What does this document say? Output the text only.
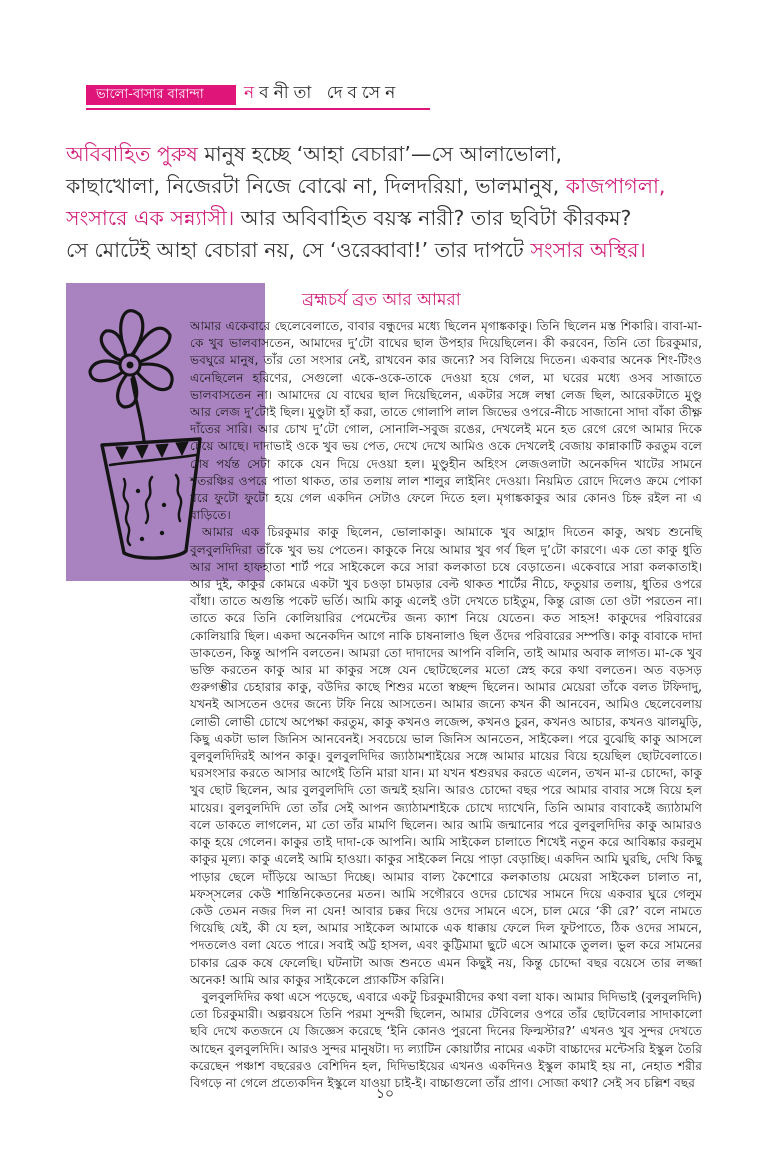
ভালো-বাসার বারান্দা নবনীতা দেবসেন

অবিবাহিত পুরুষ মানুষ হচ্ছে ‘আহা বেচারা’—সে আলাভোলা,

কাছাখোলা, নিজেরটা নিজে বোঝে না, দিলদরিয়া, ভালমানুষ, কাজপাগলা,

সংসারে এক সন্ন্যাসী। আর অবিবাহিত বয়স্ক নারী? তার ছবিটা কীরকম?

সে মোটেই আহা বেচারা নয়, সে ‘ওরেব্বাবা!’ তার দাপটে সংসার অস্থির।

ব্রহ্মচর্য ব্রত আর আমরা

আমার একেবারে ছেলেবেলাতে, বাবার বন্ধুদের মধ্যে ছিলেন মৃগাঙ্ককাকু। তিনি ছিলেন মস্ত শিকারি। বাবা-মা-কে খুব ভালবাসতেন, আমাদের দু’টো বাঘের ছাল উপহার দিয়েছিলেন। কী করবেন, তিনি তো চিরকুমার, ভবঘুরে মানুষ, তাঁর তো সংসার নেই, রাখবেন কার জন্যে? সব বিলিয়ে দিতেন। একবার অনেক শিং-টিংও এনেছিলেন হরিণের, সেগুলো একে-ওকে-তাকে দেওয়া হয়ে গেল, মা ঘরের মধ্যে ওসব সাজাতে ভালবাসতেন না। আমাদের যে বাঘের ছাল দিয়েছিলেন, একটার সঙ্গে লম্বা লেজ ছিল, আরেকটাতে মুণ্ডু আর লেজ দু’টোই ছিল। মুণ্ডুটা হাঁ করা, তাতে গোলাপি লাল জিভের ওপরে-নীচে সাজানো সাদা বাঁকা তীক্ষ্ণ দাঁতের সারি। আর চোখ দু’টো গোল, সোনালি-সবুজ রঙের, দেখলেই মনে হত রেগে রেগে আমার দিকে চেয়ে আছে। দাদাভাই ওকে খুব ভয় পেত, দেখে দেখে আমিও ওকে দেখলেই বেজায় কান্নাকাটি করতুম বলে শেষ পর্যন্ত সেটা কাকে যেন দিয়ে দেওয়া হল। মুণ্ডুহীন অহিংস লেজওলাটা অনেকদিন খাটের সামনে শতরঞ্চির ওপরে পাতা থাকত, তার তলায় লাল শালুর লাইনিং দেওয়া। নিয়মিত রোদে দিলেও ক্রমে পোকা ধরে ফুটো ফুটো হয়ে গেল একদিন সেটাও ফেলে দিতে হল। মৃগাঙ্ককাকুর আর কোনও চিহ্ন রইল না এ বাড়িতে।

আমার এক চিরকুমার কাকু ছিলেন, ভোলাকাকু। আমাকে খুব আহ্লাদ দিতেন কাকু, অথচ শুনেছি বুলবুলদিদিরা তাঁকে খুব ভয় পেতেন। কাকুকে নিয়ে আমার খুব গর্ব ছিল দু’টো কারণে। এক তো কাকু ধুতি আর সাদা হাফহাতা শার্ট পরে সাইকেলে করে সারা কলকাতা চষে বেড়াতেন। একেবারে সারা কলকাতাই। আর দুই, কাকুর কোমরে একটা খুব চওড়া চামড়ার বেল্ট থাকত শার্টের নীচে, ফতুয়ার তলায়, ধুতির ওপরে বাঁধা। তাতে অগুন্তি পকেট ভর্তি। আমি কাকু এলেই ওটা দেখতে চাইতুম, কিন্তু রোজ তো ওটা পরতেন না। তাতে করে তিনি কোলিয়ারির পেমেন্টের জন্য ক্যাশ নিয়ে যেতেন। কত সাহস! কাকুদের পরিবারের কোলিয়ারি ছিল। একদা অনেকদিন আগে নাকি চাষনালাও ছিল ওঁদের পরিবারের সম্পত্তি। কাকু বাবাকে দাদা ডাকতেন, কিন্তু আপনি বলতেন। আমরা তো দাদাদের আপনি বলিনি, তাই আমার অবাক লাগত। মা-কে খুব ভক্তি করতেন কাকু আর মা কাকুর সঙ্গে যেন ছোটছেলের মতো স্নেহ করে কথা বলতেন। অত বড়সড় গুরুগম্ভীর চেহারার কাকু, বউদির কাছে শিশুর মতো স্বচ্ছন্দ ছিলেন। আমার মেয়েরা তাঁকে বলত টফিদাদু, যখনই আসতেন ওদের জন্যে টফি নিয়ে আসতেন। আমার জন্যে কখন কী আনবেন, আমিও ছেলেবেলায় লোভী লোভী চোখে অপেক্ষা করতুম, কাকু কখনও লজেন্স, কখনও চুরন, কখনও আচার, কখনও ঝালমুড়ি, কিছু একটা ভাল জিনিস আনবেনই। সবচেয়ে ভাল জিনিস আনতেন, সাইকেল। পরে বুঝেছি কাকু আসলে বুলবুলদিদিরই আপন কাকু। বুলবুলদিদির জ্যাঠামশাইয়ের সঙ্গে আমার মায়ের বিয়ে হয়েছিল ছোটবেলাতে। ঘরসংসার করতে আসার আগেই তিনি মারা যান। মা যখন শ্বশুরঘর করতে এলেন, তখন মা-র চোদ্দো, কাকু খুব ছোট ছিলেন, আর বুলবুলদিদি তো জন্মই হয়নি। আরও চোদ্দো বছর পরে আমার বাবার সঙ্গে বিয়ে হল মায়ের। বুলবুলদিদি তো তাঁর সেই আপন জ্যাঠামশাইকে চোখে দ্যাখেনি, তিনি আমার বাবাকেই জ্যাঠামণি বলে ডাকতে লাগলেন, মা তো তাঁর মামণি ছিলেন। আর আমি জন্মানোর পরে বুলবুলদিদির কাকু আমারও কাকু হয়ে গেলেন। কাকুর তাই দাদা-কে আপনি। আমি সাইকেল চালাতে শিখেই নতুন করে আবিষ্কার করলুম কাকুর মূল্য। কাকু এলেই আমি হাওয়া। কাকুর সাইকেল নিয়ে পাড়া বেড়াচ্ছি। একদিন আমি ঘুরছি, দেখি কিছু পাড়ার ছেলে দাঁড়িয়ে আড্ডা দিচ্ছে। আমার বাল্য কৈশোরে কলকাতায় মেয়েরা সাইকেল চালাত না, মফস্সলের কেউ শান্তিনিকেতনের মতন। আমি সগৌরবে ওদের চোখের সামনে দিয়ে একবার ঘুরে গেলুম কেউ তেমন নজর দিল না যেন! আবার চক্কর দিয়ে ওদের সামনে এসে, চাল মেরে ‘কী রে?’ বলে নামতে গিয়েছি যেই, কী যে হল, আমার সাইকেল আমাকে এক ধাক্কায় ফেলে দিল ফুটপাতে, ঠিক ওদের সামনে, পদতলেও বলা যেতে পারে। সবাই অট্ট হাসল, এবং কুট্টিমামা ছুটে এসে আমাকে তুলল। ভুল করে সামনের চাকার ব্রেক কষে ফেলেছি। ঘটনাটা আজ শুনতে এমন কিছুই নয়, কিন্তু চোদ্দো বছর বয়েসে তার লজ্জা অনেক! আমি আর কাকুর সাইকেলে প্র্যাকটিস করিনি।

বুলবুলদিদির কথা এসে পড়েছে, এবারে একটু চিরকুমারীদের কথা বলা যাক। আমার দিদিভাই (বুলবুলদিদি) তো চিরকুমারী। অল্পবয়সে তিনি পরমা সুন্দরী ছিলেন, আমার টেবিলের ওপরে তাঁর ছোটবেলার সাদাকালো ছবি দেখে কতজনে যে জিজ্ঞেস করেছে ‘ইনি কোনও পুরনো দিনের ফিল্মস্টার?’ এখনও খুব সুন্দর দেখতে আছেন বুলবুলদিদি। আরও সুন্দর মানুষটা। দ্য ল্যাটিন কোয়ার্টার নামের একটা বাচ্চাদের মন্টেসরি ইস্কুল তৈরি করেছেন পঞ্চাশ বছরেরও বেশিদিন হল, দিদিভাইয়ের এখনও একদিনও ইস্কুল কামাই হয় না, নেহাত শরীর বিগড়ে না গেলে প্রত্যেকদিন ইস্কুলে যাওয়া চাই-ই। বাচ্চাগুলো তাঁর প্রাণ। সোজা কথা? সেই সব চল্লিশ বছর

১০
